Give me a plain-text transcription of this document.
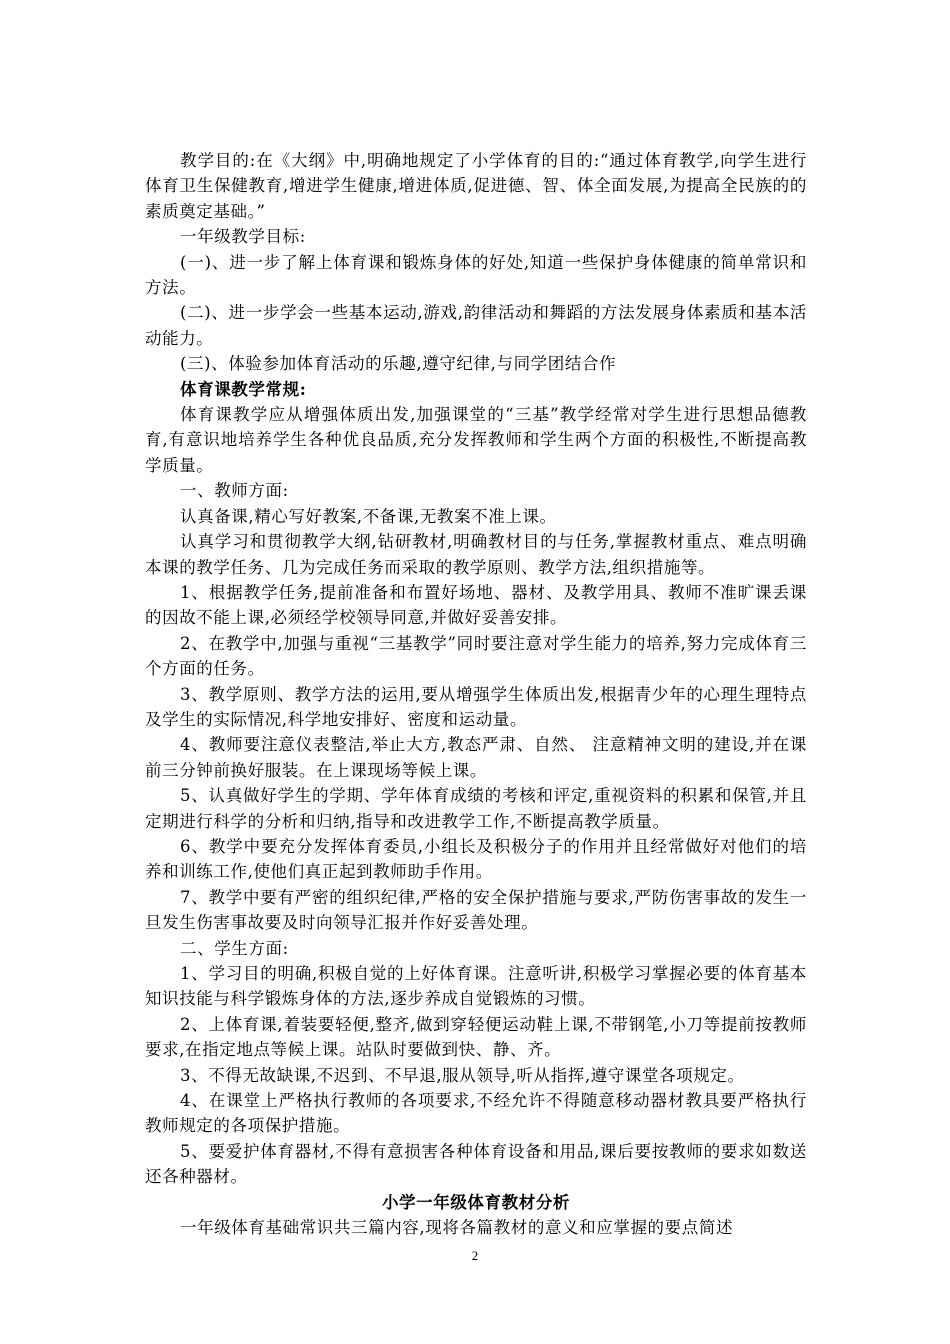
教学目的:在《大纲》中,明确地规定了小学体育的目的:“通过体育教学,向学生进行体育卫生保健教育,增进学生健康,增进体质,促进德、智、体全面发展,为提高全民族的的素质奠定基础。”

一年级教学目标:

(一)、进一步了解上体育课和锻炼身体的好处,知道一些保护身体健康的简单常识和方法。

(二)、进一步学会一些基本运动,游戏,韵律活动和舞蹈的方法发展身体素质和基本活动能力。

(三)、体验参加体育活动的乐趣,遵守纪律,与同学团结合作

体育课教学常规:

体育课教学应从增强体质出发,加强课堂的“三基”教学经常对学生进行思想品德教育,有意识地培养学生各种优良品质,充分发挥教师和学生两个方面的积极性,不断提高教学质量。

一、教师方面:

认真备课,精心写好教案,不备课,无教案不准上课。

认真学习和贯彻教学大纲,钻研教材,明确教材目的与任务,掌握教材重点、难点明确本课的教学任务、几为完成任务而采取的教学原则、教学方法,组织措施等。

1、根据教学任务,提前准备和布置好场地、器材、及教学用具、教师不准旷课丢课的因故不能上课,必须经学校领导同意,并做好妥善安排。

2、在教学中,加强与重视“三基教学”同时要注意对学生能力的培养,努力完成体育三个方面的任务。

3、教学原则、教学方法的运用,要从增强学生体质出发,根据青少年的心理生理特点及学生的实际情况,科学地安排好、密度和运动量。

4、教师要注意仪表整洁,举止大方,教态严肃、自然、 注意精神文明的建设,并在课前三分钟前换好服装。在上课现场等候上课。

5、认真做好学生的学期、学年体育成绩的考核和评定,重视资料的积累和保管,并且定期进行科学的分析和归纳,指导和改进教学工作,不断提高教学质量。

6、教学中要充分发挥体育委员,小组长及积极分子的作用并且经常做好对他们的培养和训练工作,使他们真正起到教师助手作用。

7、教学中要有严密的组织纪律,严格的安全保护措施与要求,严防伤害事故的发生一旦发生伤害事故要及时向领导汇报并作好妥善处理。

二、学生方面:

1、学习目的明确,积极自觉的上好体育课。注意听讲,积极学习掌握必要的体育基本知识技能与科学锻炼身体的方法,逐步养成自觉锻炼的习惯。

2、上体育课,着装要轻便,整齐,做到穿轻便运动鞋上课,不带钢笔,小刀等提前按教师要求,在指定地点等候上课。站队时要做到快、静、齐。

3、不得无故缺课,不迟到、不早退,服从领导,听从指挥,遵守课堂各项规定。

4、在课堂上严格执行教师的各项要求,不经允许不得随意移动器材教具要严格执行教师规定的各项保护措施。

5、要爱护体育器材,不得有意损害各种体育设备和用品,课后要按教师的要求如数送还各种器材。

小学一年级体育教材分析

一年级体育基础常识共三篇内容,现将各篇教材的意义和应掌握的要点简述

2
